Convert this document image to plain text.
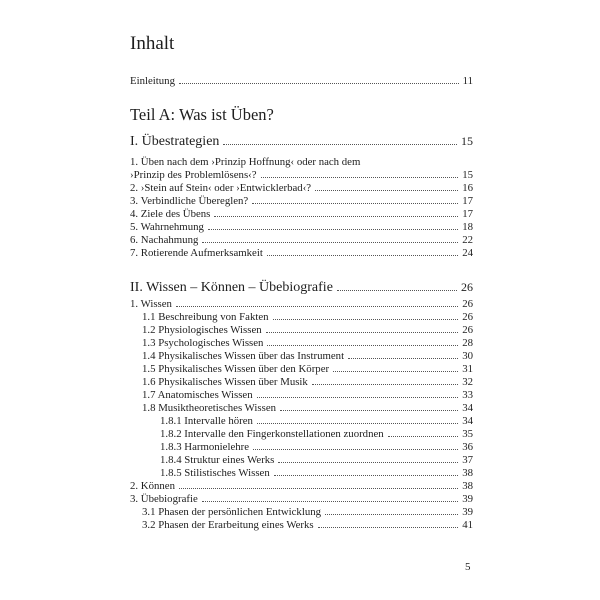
Inhalt
Einleitung	11
Teil A: Was ist Üben?
I. Übestrategien	15
1. Üben nach dem ›Prinzip Hoffnung‹ oder nach dem
›Prinzip des Problemlösens‹?	15
2. ›Stein auf Stein‹ oder ›Entwicklerbad‹?	16
3. Verbindliche Übereglen?	17
4. Ziele des Übens	17
5. Wahrnehmung	18
6. Nachahmung	22
7. Rotierende Aufmerksamkeit	24
II. Wissen – Können – Übebiografie	26
1. Wissen	26
1.1 Beschreibung von Fakten	26
1.2 Physiologisches Wissen	26
1.3 Psychologisches Wissen	28
1.4 Physikalisches Wissen über das Instrument	30
1.5 Physikalisches Wissen über den Körper	31
1.6 Physikalisches Wissen über Musik	32
1.7 Anatomisches Wissen	33
1.8 Musiktheoretisches Wissen	34
1.8.1 Intervalle hören	34
1.8.2 Intervalle den Fingerkonstellationen zuordnen	35
1.8.3 Harmonielehre	36
1.8.4 Struktur eines Werks	37
1.8.5 Stilistisches Wissen	38
2. Können	38
3. Übebiografie	39
3.1 Phasen der persönlichen Entwicklung	39
3.2 Phasen der Erarbeitung eines Werks	41
5
